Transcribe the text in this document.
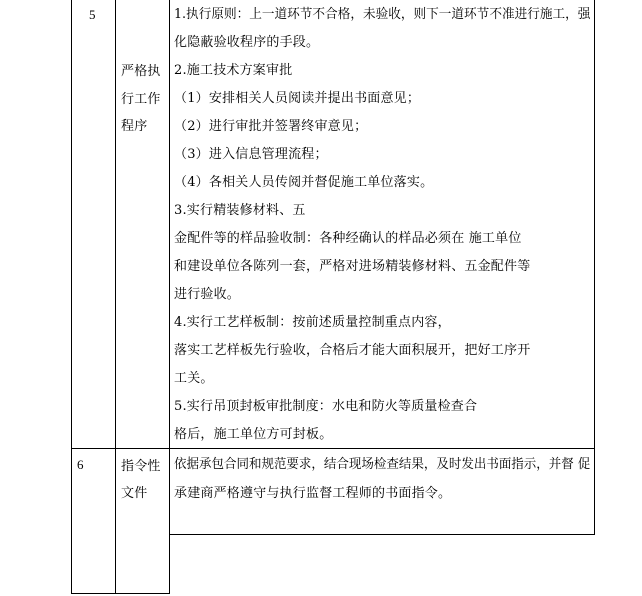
5
严格执
行工作
程序
1.执行原则：上一道环节不合格，未验收，则下一道环节不准进行施工，强
化隐蔽验收程序的手段。
2.施工技术方案审批
（1）安排相关人员阅读并提出书面意见；
（2）进行审批并签署终审意见；
（3）进入信息管理流程；
（4）各相关人员传阅并督促施工单位落实。
3.实行精装修材料、五
金配件等的样品验收制：各种经确认的样品必须在 施工单位
和建设单位各陈列一套，严格对进场精装修材料、五金配件等
进行验收。
4.实行工艺样板制：按前述质量控制重点内容，
落实工艺样板先行验收，合格后才能大面积展开，把好工序开
工关。
5.实行吊顶封板审批制度：水电和防火等质量检查合
格后，施工单位方可封板。
6	指令性
文件
依据承包合同和规范要求，结合现场检查结果，及时发出书面指示，并督 促
承建商严格遵守与执行监督工程师的书面指令。
